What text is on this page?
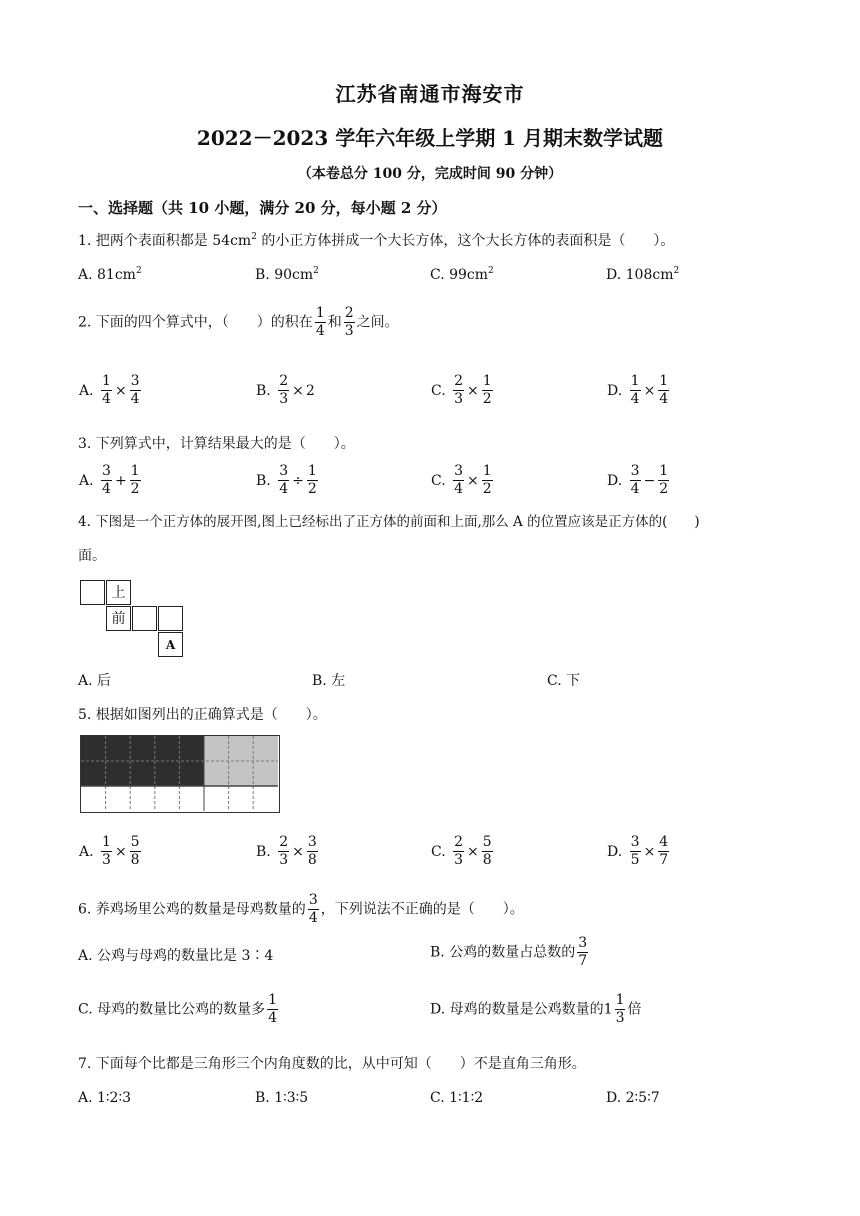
江苏省南通市海安市
2022－2023 学年六年级上学期 1 月期末数学试题
（本卷总分 100 分，完成时间 90 分钟）
一、选择题（共 10 小题，满分 20 分，每小题 2 分）
1. 把两个表面积都是 $54cm^2$ 的小正方体拼成一个大长方体，这个大长方体的表面积是（　　）。
A. $81cm^2$	B. $90cm^2$	C. $99cm^2$	D. $108cm^2$
2. 下面的四个算式中，（　　）的积在 $\frac{1}{4}$ 和 $\frac{2}{3}$ 之间。
A. $\frac{1}{4} \times \frac{3}{4}$	B. $\frac{2}{3} \times 2$	C. $\frac{2}{3} \times \frac{1}{2}$	D. $\frac{1}{4} \times \frac{1}{4}$
3. 下列算式中，计算结果最大的是（　　）。
A. $\frac{3}{4} + \frac{1}{2}$	B. $\frac{3}{4} \div \frac{1}{2}$	C. $\frac{3}{4} \times \frac{1}{2}$	D. $\frac{3}{4} - \frac{1}{2}$
4. 下图是一个正方体的展开图,图上已经标出了正方体的前面和上面,那么 A 的位置应该是正方体的(　　)
面。
上
前
A
A. 后	B. 左	C. 下
5. 根据如图列出的正确算式是（　　）。
A. $\frac{1}{3} \times \frac{5}{8}$	B. $\frac{2}{3} \times \frac{3}{8}$	C. $\frac{2}{3} \times \frac{5}{8}$	D. $\frac{3}{5} \times \frac{4}{7}$
6. 养鸡场里公鸡的数量是母鸡数量的 $\frac{3}{4}$ ，下列说法不正确的是（　　）。
A. 公鸡与母鸡的数量比是 3∶4	B. 公鸡的数量占总数的 $\frac{3}{7}$
C. 母鸡的数量比公鸡的数量多 $\frac{1}{4}$	D. 母鸡的数量是公鸡数量的$1 \frac{1}{3}$ 倍
7. 下面每个比都是三角形三个内角度数的比，从中可知（　　）不是直角三角形。
A. 1∶2∶3	B. 1∶3∶5	C. 1∶1∶2	D. 2∶5∶7
